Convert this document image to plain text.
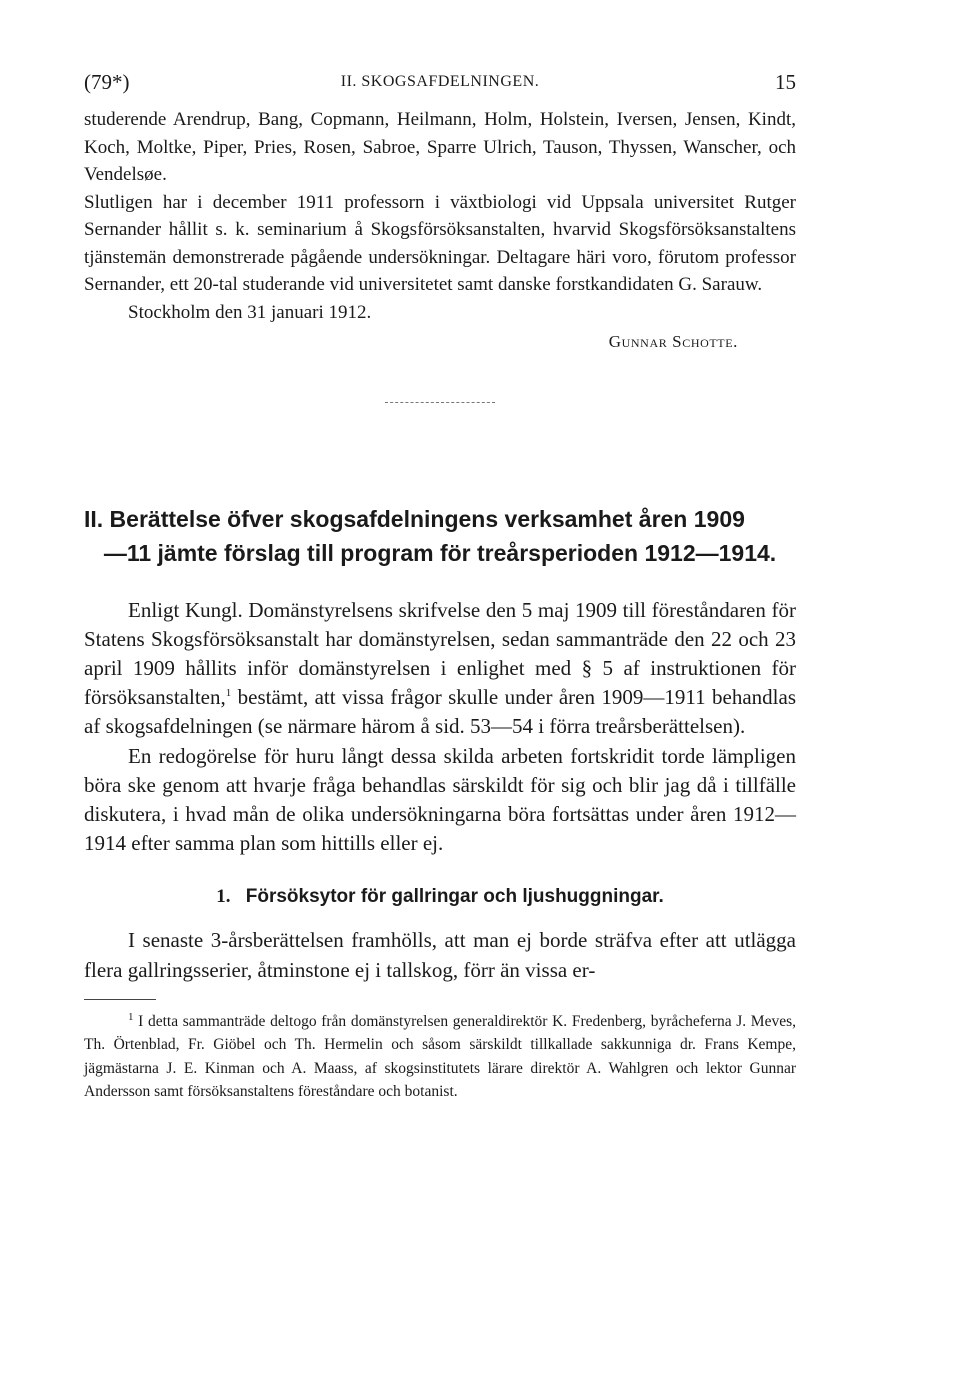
(79*)	II. SKOGSAFDELNINGEN.	15

studerende Arendrup, Bang, Copmann, Heilmann, Holm, Holstein, Iversen, Jensen, Kindt, Koch, Moltke, Piper, Pries, Rosen, Sabroe, Sparre Ulrich, Tauson, Thyssen, Wanscher, och Vendelsøe.

Slutligen har i december 1911 professorn i växtbiologi vid Uppsala universitet Rutger Sernander hållit s. k. seminarium å Skogsförsöksanstalten, hvarvid Skogsförsöksanstaltens tjänstemän demonstrerade pågående undersökningar. Deltagare häri voro, förutom professor Sernander, ett 20-tal studerande vid universitetet samt danske forstkandidaten G. Sarauw.

Stockholm den 31 januari 1912.

Gunnar Schotte.

II. Berättelse öfver skogsafdelningens verksamhet åren 1909

—11 jämte förslag till program för treårsperioden 1912—1914.

Enligt Kungl. Domänstyrelsens skrifvelse den 5 maj 1909 till föreståndaren för Statens Skogsförsöksanstalt har domänstyrelsen, sedan sammanträde den 22 och 23 april 1909 hållits inför domänstyrelsen i enlighet med § 5 af instruktionen för försöksanstalten,$^1$ bestämt, att vissa frågor skulle under åren 1909—1911 behandlas af skogsafdelningen (se närmare härom å sid. 53—54 i förra treårsberättelsen).

En redogörelse för huru långt dessa skilda arbeten fortskridit torde lämpligen böra ske genom att hvarje fråga behandlas särskildt för sig och blir jag då i tillfälle diskutera, i hvad mån de olika undersökningarna böra fortsättas under åren 1912—1914 efter samma plan som hittills eller ej.

1. Försöksytor för gallringar och ljushuggningar.

I senaste 3-årsberättelsen framhölls, att man ej borde sträfva efter att utlägga flera gallringsserier, åtminstone ej i tallskog, förr än vissa er-

$^1$ I detta sammanträde deltogo från domänstyrelsen generaldirektör K. Fredenberg, byråcheferna J. Meves, Th. Örtenblad, Fr. Giöbel och Th. Hermelin och såsom särskildt tillkallade sakkunniga dr. Frans Kempe, jägmästarna J. E. Kinman och A. Maass, af skogsinstitutets lärare direktör A. Wahlgren och lektor Gunnar Andersson samt försöksanstaltens föreståndare och botanist.
